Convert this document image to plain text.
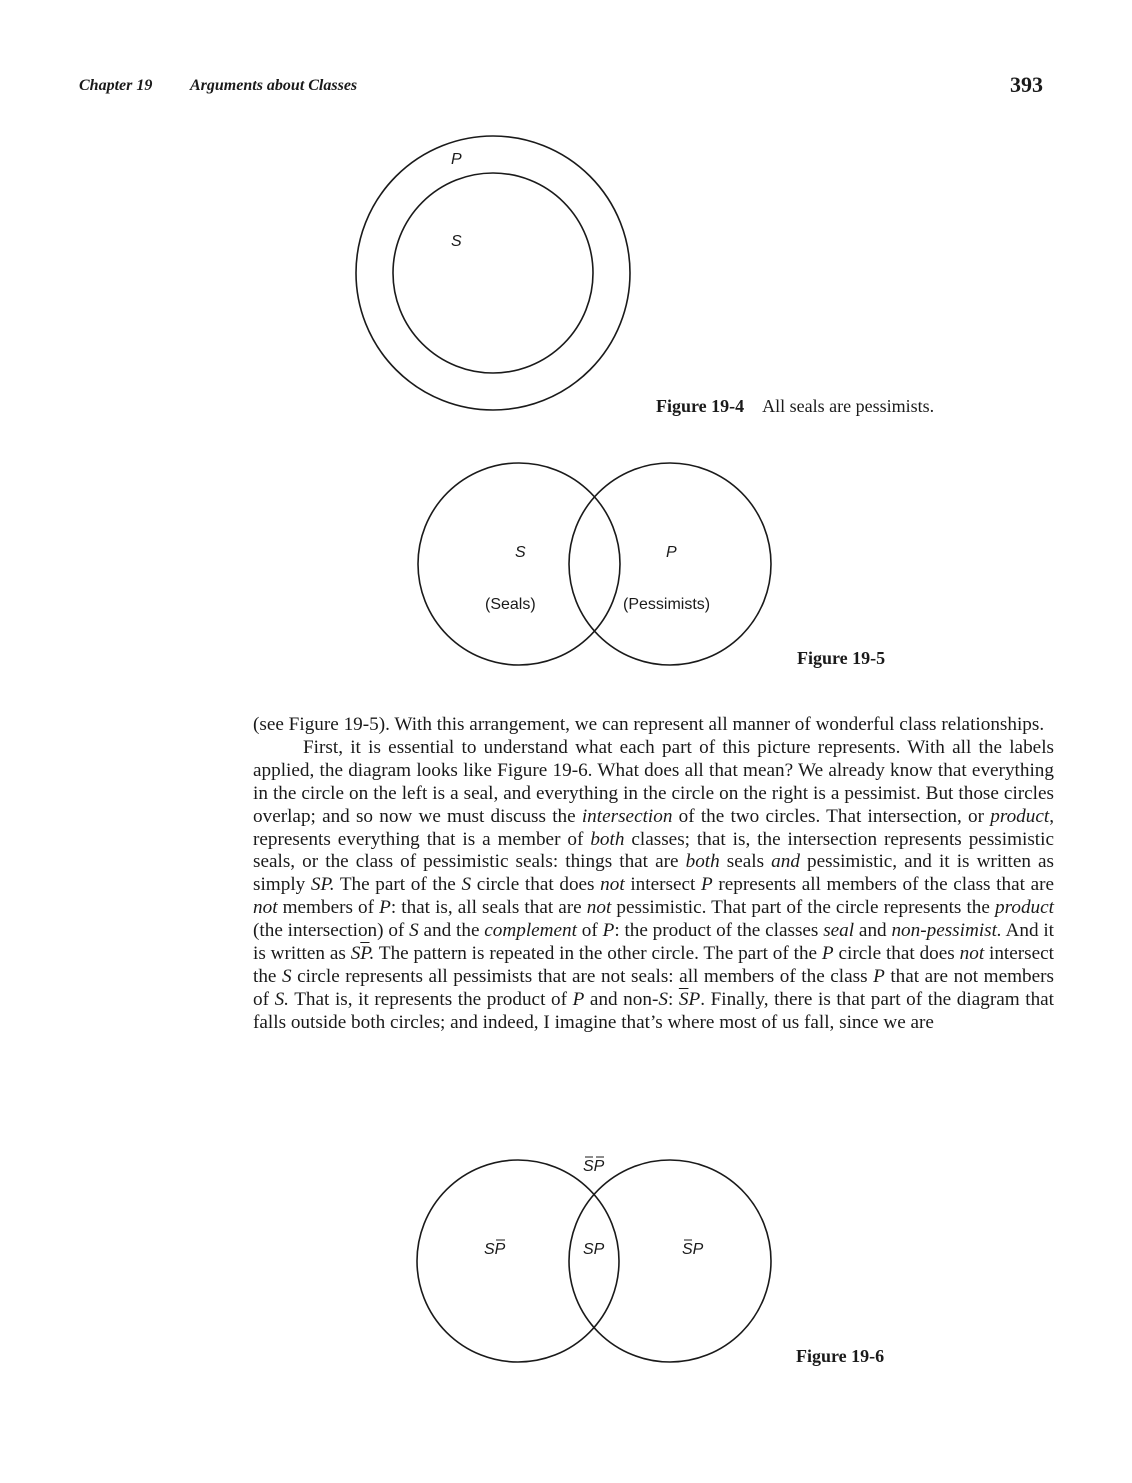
Chapter 19 Arguments about Classes	393
P
S
S
(Seals)
P
(Pessimists)
SP
SP	SP	SP
Figure 19-4 All seals are pessimists.
Figure 19-5
Figure 19-6

(see Figure 19-5). With this arrangement, we can represent all manner of wonderful class relationships.

First, it is essential to understand what each part of this picture represents. With all the labels applied, the diagram looks like Figure 19-6. What does all that mean? We already know that everything in the circle on the left is a seal, and everything in the circle on the right is a pessimist. But those circles overlap; and so now we must discuss the intersection of the two circles. That intersection, or product, represents everything that is a member of both classes; that is, the intersection represents pessimistic seals, or the class of pessimistic seals: things that are both seals and pessimistic, and it is written as simply SP. The part of the S circle that does not intersect P represents all members of the class that are not members of P: that is, all seals that are not pessimistic. That part of the circle represents the product (the intersection) of S and the complement of P: the product of the classes seal and non-pessimist. And it is written as $S\overline{P}$. The pattern is repeated in the other circle. The part of the P circle that does not intersect the S circle represents all pessimists that are not seals: all members of the class P that are not members of S. That is, it represents the product of P and non-S: $\overline{S}P$. Finally, there is that part of the diagram that falls outside both circles; and indeed, I imagine that’s where most of us fall, since we are
